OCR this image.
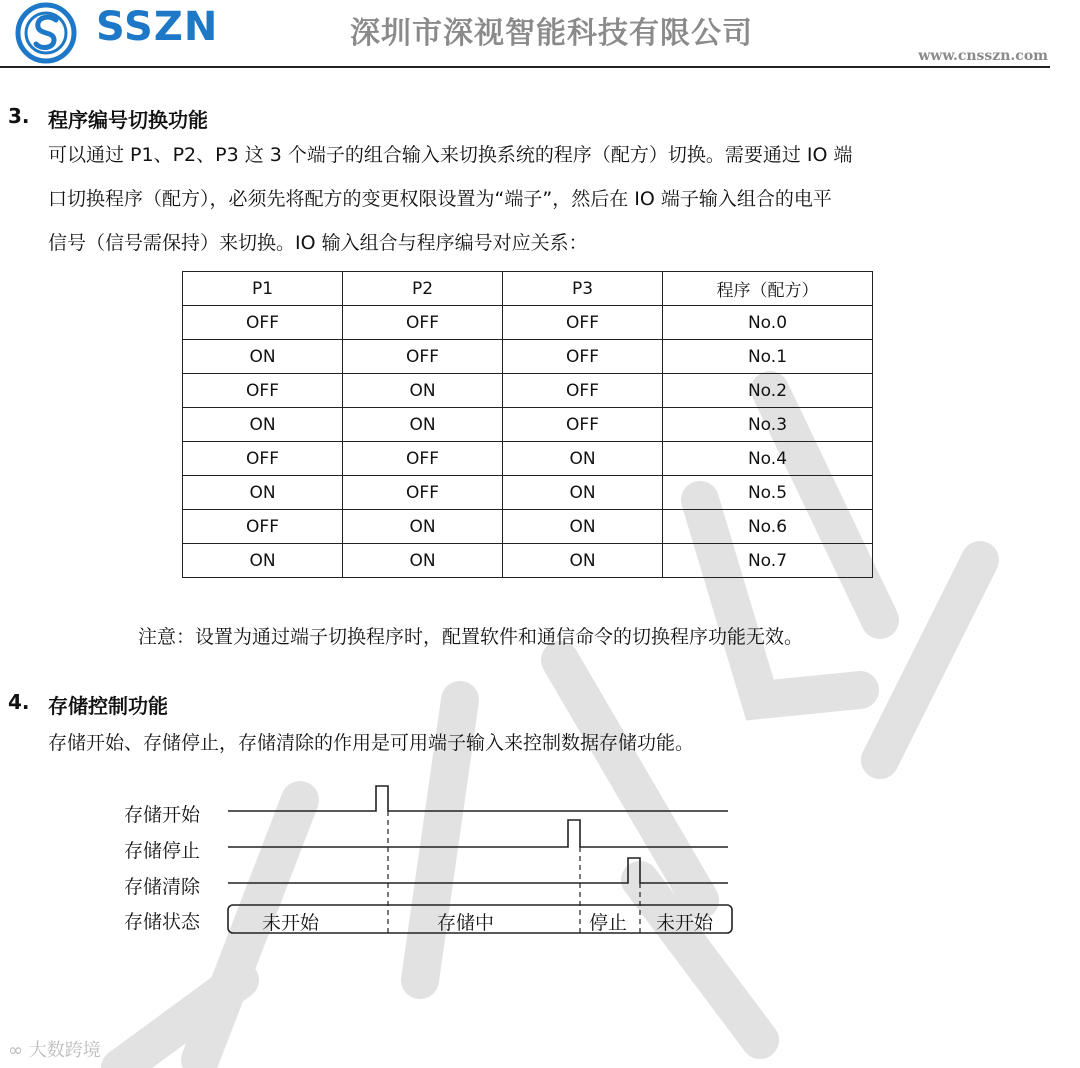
SSZN	深圳市深视智能科技有限公司
www.cnsszn.com
3. 程序编号切换功能
可以通过 P1、P2、P3 这 3 个端子的组合输入来切换系统的程序（配方）切换。需要通过 IO 端
口切换程序（配方），必须先将配方的变更权限设置为“端子”，然后在 IO 端子输入组合的电平
信号（信号需保持）来切换。IO 输入组合与程序编号对应关系：
P1	P2	P3	程序（配方）
OFF	OFF	OFF	No.0
ON	OFF	OFF	No.1
OFF	ON	OFF	No.2
ON	ON	OFF	No.3
OFF	OFF	ON	No.4
ON	OFF	ON	No.5
OFF	ON	ON	No.6
ON	ON	ON	No.7
注意：设置为通过端子切换程序时，配置软件和通信命令的切换程序功能无效。
4. 存储控制功能
存储开始、存储停止，存储清除的作用是可用端子输入来控制数据存储功能。
存储开始
存储停止
存储清除
存储状态	未开始	存储中	停止 未开始
∞ 大数跨境
